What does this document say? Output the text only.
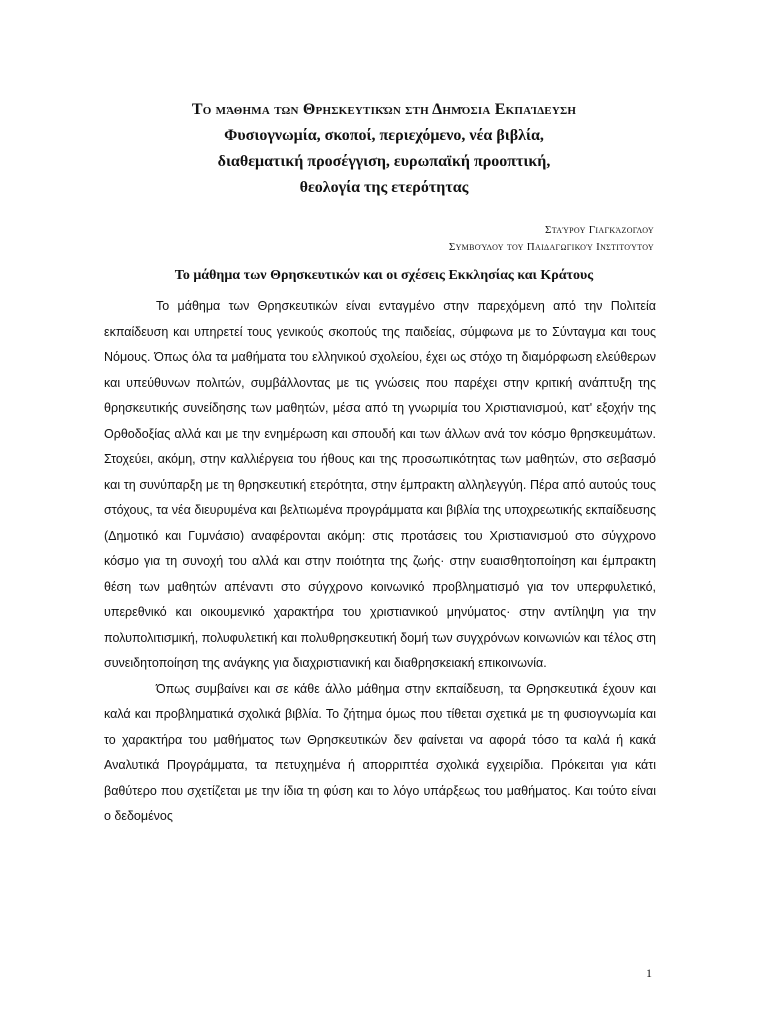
Το μάθημα των Θρησκευτικών στη Δημόσια Εκπαίδευση
Φυσιογνωμία, σκοποί, περιεχόμενο, νέα βιβλία,
διαθεματική προσέγγιση, ευρωπαϊκή προοπτική,
θεολογία της ετερότητας
Σταύρου Γιαγκάζογλου
Συμβούλου του Παιδαγωγικού Ινστιτούτου
Το μάθημα των Θρησκευτικών και οι σχέσεις Εκκλησίας και Κράτους

Το μάθημα των Θρησκευτικών είναι ενταγμένο στην παρεχόμενη από την Πολιτεία εκπαίδευση και υπηρετεί τους γενικούς σκοπούς της παιδείας, σύμφωνα με το Σύνταγμα και τους Νόμους. Όπως όλα τα μαθήματα του ελληνικού σχολείου, έχει ως στόχο τη διαμόρφωση ελεύθερων και υπεύθυνων πολιτών, συμβάλλοντας με τις γνώσεις που παρέχει στην κριτική ανάπτυξη της θρησκευτικής συνείδησης των μαθητών, μέσα από τη γνωριμία του Χριστιανισμού, κατ' εξοχήν της Ορθοδοξίας αλλά και με την ενημέρωση και σπουδή και των άλλων ανά τον κόσμο θρησκευμάτων. Στοχεύει, ακόμη, στην καλλιέργεια του ήθους και της προσωπικότητας των μαθητών, στο σεβασμό και τη συνύπαρξη με τη θρησκευτική ετερότητα, στην έμπρακτη αλληλεγγύη. Πέρα από αυτούς τους στόχους, τα νέα διευρυμένα και βελτιωμένα προγράμματα και βιβλία της υποχρεωτικής εκπαίδευσης (Δημοτικό και Γυμνάσιο) αναφέρονται ακόμη: στις προτάσεις του Χριστιανισμού στο σύγχρονο κόσμο για τη συνοχή του αλλά και στην ποιότητα της ζωής· στην ευαισθητοποίηση και έμπρακτη θέση των μαθητών απέναντι στο σύγχρονο κοινωνικό προβληματισμό για τον υπερφυλετικό, υπερεθνικό και οικουμενικό χαρακτήρα του χριστιανικού μηνύματος· στην αντίληψη για την πολυπολιτισμική, πολυφυλετική και πολυθρησκευτική δομή των συγχρόνων κοινωνιών και τέλος στη συνειδητοποίηση της ανάγκης για διαχριστιανική και διαθρησκειακή επικοινωνία.

Όπως συμβαίνει και σε κάθε άλλο μάθημα στην εκπαίδευση, τα Θρησκευτικά έχουν και καλά και προβληματικά σχολικά βιβλία. Το ζήτημα όμως που τίθεται σχετικά με τη φυσιογνωμία και το χαρακτήρα του μαθήματος των Θρησκευτικών δεν φαίνεται να αφορά τόσο τα καλά ή κακά Αναλυτικά Προγράμματα, τα πετυχημένα ή απορριπτέα σχολικά εγχειρίδια. Πρόκειται για κάτι βαθύτερο που σχετίζεται με την ίδια τη φύση και το λόγο υπάρξεως του μαθήματος. Και τούτο είναι ο δεδομένος

1
